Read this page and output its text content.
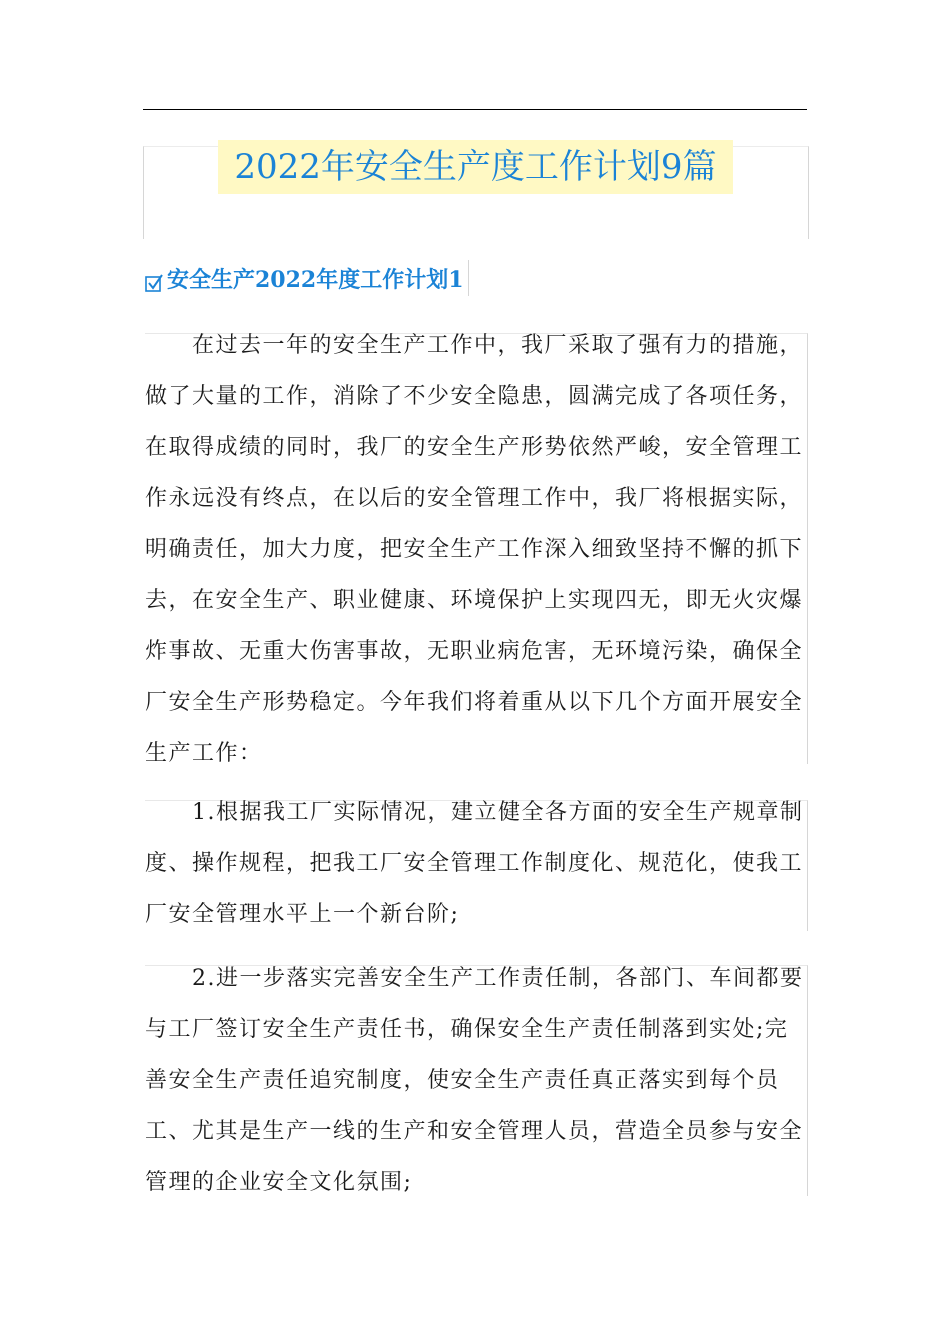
2022年安全生产度工作计划9篇
安全生产2022年度工作计划1
在过去一年的安全生产工作中，我厂采取了强有力的措施，
做了大量的工作，消除了不少安全隐患，圆满完成了各项任务，
在取得成绩的同时，我厂的安全生产形势依然严峻，安全管理工
作永远没有终点，在以后的安全管理工作中，我厂将根据实际，
明确责任，加大力度，把安全生产工作深入细致坚持不懈的抓下
去，在安全生产、职业健康、环境保护上实现四无，即无火灾爆
炸事故、无重大伤害事故，无职业病危害，无环境污染，确保全
厂安全生产形势稳定。今年我们将着重从以下几个方面开展安全
生产工作：
1.根据我工厂实际情况，建立健全各方面的安全生产规章制
度、操作规程，把我工厂安全管理工作制度化、规范化，使我工
厂安全管理水平上一个新台阶;
2.进一步落实完善安全生产工作责任制，各部门、车间都要
与工厂签订安全生产责任书，确保安全生产责任制落到实处;完
善安全生产责任追究制度，使安全生产责任真正落实到每个员
工、尤其是生产一线的生产和安全管理人员，营造全员参与安全
管理的企业安全文化氛围;
